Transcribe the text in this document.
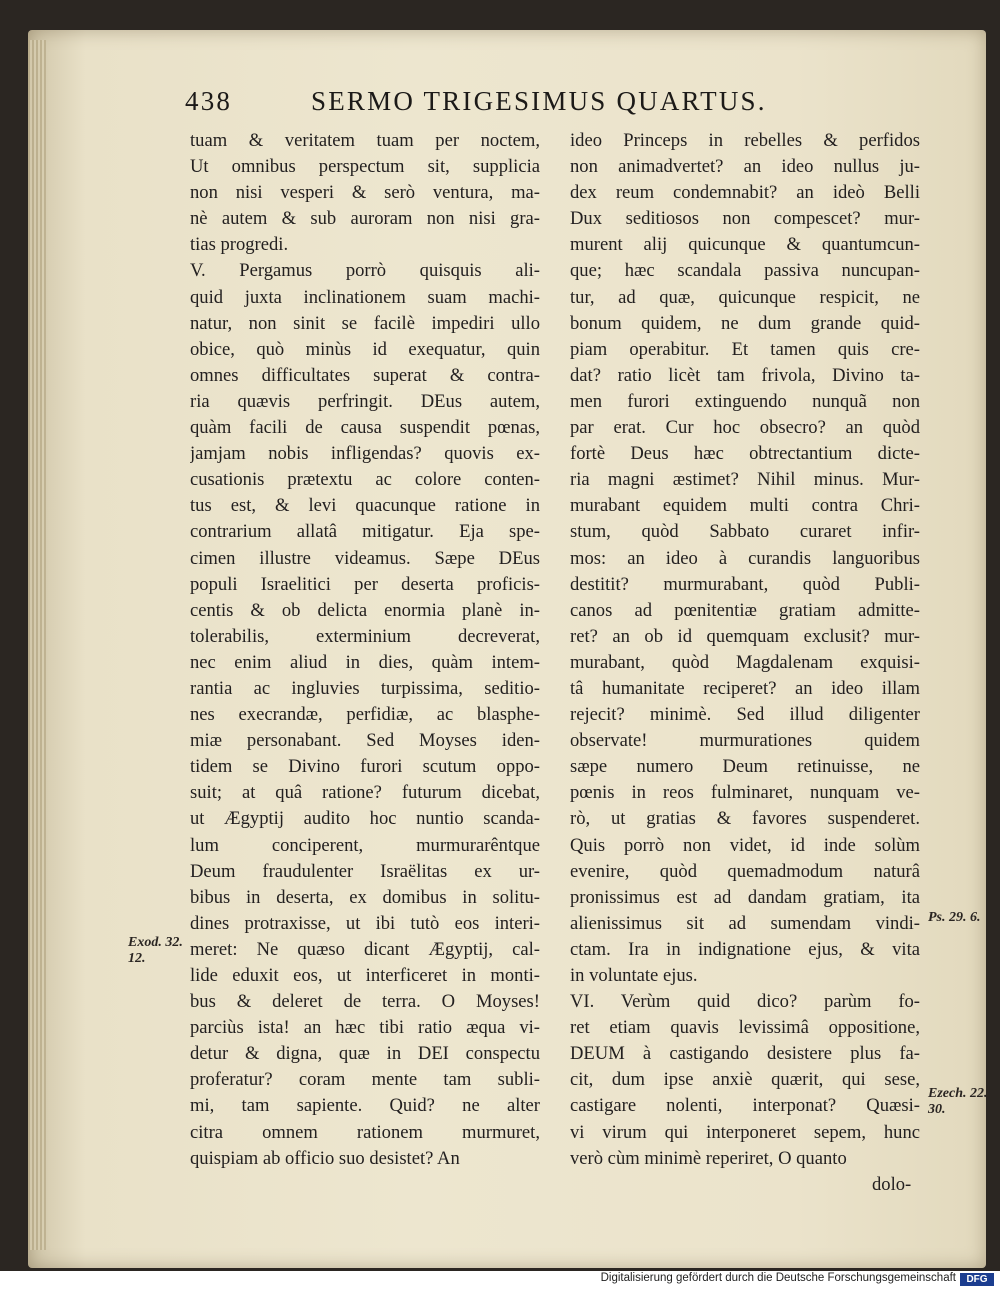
438	SERMO TRIGESIMUS QUARTUS.
tuam & veritatem tuam per noctem,
Ut omnibus perspectum sit, supplicia
non nisi vesperi & serò ventura, ma-
nè autem & sub auroram non nisi gra-
tias progredi.
V. Pergamus porrò quisquis ali-
quid juxta inclinationem suam machi-
natur, non sinit se facilè impediri ullo
obice, quò minùs id exequatur, quin
omnes difficultates superat & contra-
ria quævis perfringit. DEus autem,
quàm facili de causa suspendit pœnas,
jamjam nobis infligendas? quovis ex-
cusationis prætextu ac colore conten-
tus est, & levi quacunque ratione in
contrarium allatâ mitigatur. Eja spe-
cimen illustre videamus. Sæpe DEus
populi Israelitici per deserta proficis-
centis & ob delicta enormia planè in-
tolerabilis, exterminium decreverat,
nec enim aliud in dies, quàm intem-
rantia ac ingluvies turpissima, seditio-
nes execrandæ, perfidiæ, ac blasphe-
miæ personabant. Sed Moyses iden-
tidem se Divino furori scutum oppo-
suit; at quâ ratione? futurum dicebat,
ut Ægyptij audito hoc nuntio scanda-
lum conciperent, murmurarêntque
Deum fraudulenter Israëlitas ex ur-
bibus in deserta, ex domibus in solitu-
dines protraxisse, ut ibi tutò eos interi-
meret: Ne quæso dicant Ægyptij, cal-
lide eduxit eos, ut interficeret in monti-
bus & deleret de terra. O Moyses!
parciùs ista! an hæc tibi ratio æqua vi-
detur & digna, quæ in DEI conspectu
proferatur? coram mente tam subli-
mi, tam sapiente. Quid? ne alter
citra omnem rationem murmuret,
quispiam ab officio suo desistet? An
ideo Princeps in rebelles & perfidos
non animadvertet? an ideo nullus ju-
dex reum condemnabit? an ideò Belli
Dux seditiosos non compescet? mur-
murent alij quicunque & quantumcun-
que; hæc scandala passiva nuncupan-
tur, ad quæ, quicunque respicit, ne
bonum quidem, ne dum grande quid-
piam operabitur. Et tamen quis cre-
dat? ratio licèt tam frivola, Divino ta-
men furori extinguendo nunquã non
par erat. Cur hoc obsecro? an quòd
fortè Deus hæc obtrectantium dicte-
ria magni æstimet? Nihil minus. Mur-
murabant equidem multi contra Chri-
stum, quòd Sabbato curaret infir-
mos: an ideo à curandis languoribus
destitit? murmurabant, quòd Publi-
canos ad pœnitentiæ gratiam admitte-
ret? an ob id quemquam exclusit? mur-
murabant, quòd Magdalenam exquisi-
tâ humanitate reciperet? an ideo illam
rejecit? minimè. Sed illud diligenter
observate! murmurationes quidem
sæpe numero Deum retinuisse, ne
pœnis in reos fulminaret, nunquam ve-
rò, ut gratias & favores suspenderet.
Quis porrò non videt, id inde solùm
evenire, quòd quemadmodum naturâ
pronissimus est ad dandam gratiam, ita
alienissimus sit ad sumendam vindi-
ctam. Ira in indignatione ejus, & vita
in voluntate ejus.
VI. Verùm quid dico? parùm fo-
ret etiam quavis levissimâ oppositione,
DEUM à castigando desistere plus fa-
cit, dum ipse anxiè quærit, qui sese,
castigare nolenti, interponat? Quæsi-
vi virum qui interponeret sepem, hunc
verò cùm minimè reperiret, O quanto
Exod. 32. 12.
Ps. 29. 6.
Ezech. 22. 30.
dolo-
Digitalisierung gefördert durch die Deutsche Forschungsgemeinschaft	DFG
